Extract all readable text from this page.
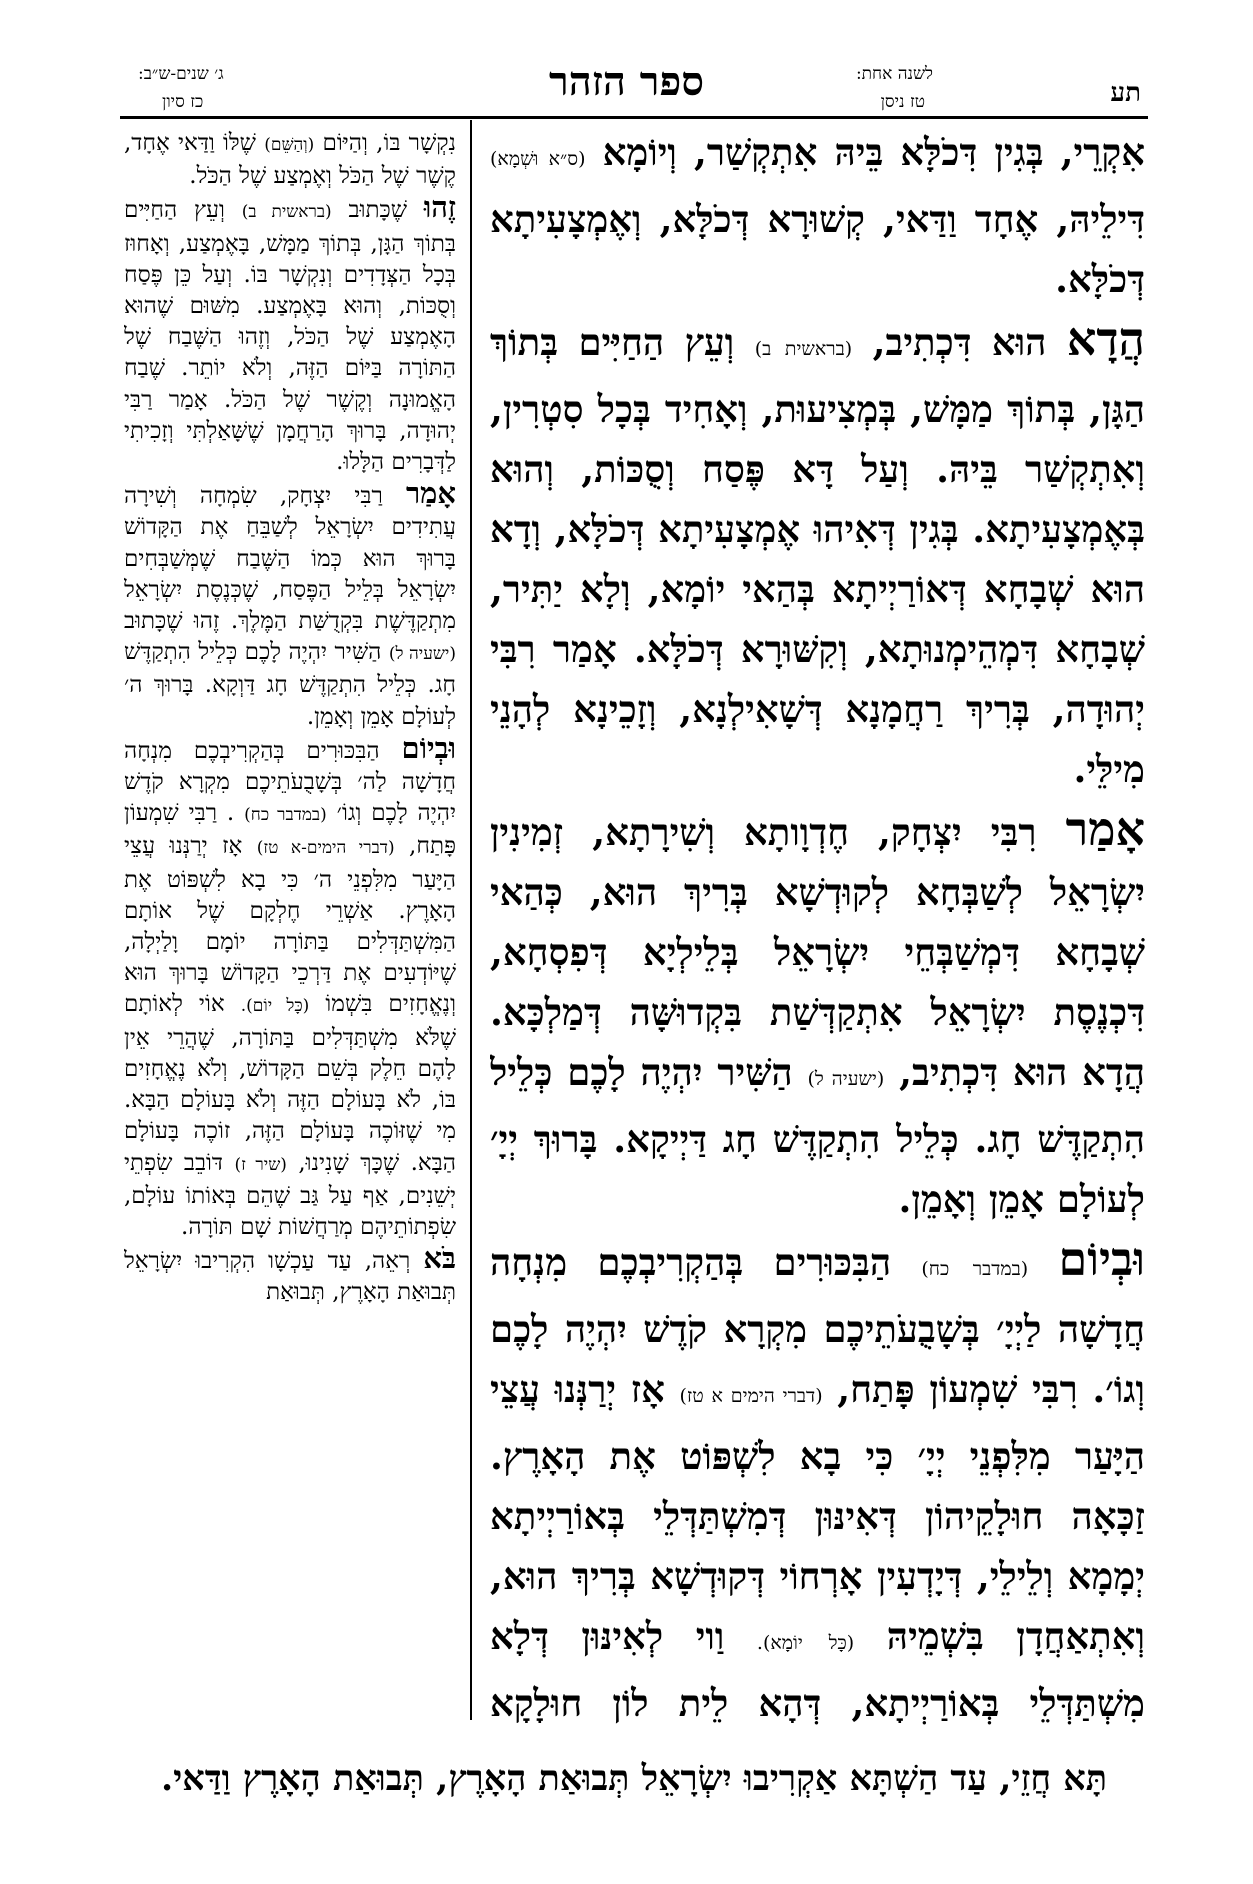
תע
לשנה אחת:
טז ניסן
ספר הזהר
ג׳ שנים-ש״ב:
כז סיון

אִקְרֵי, בְּגִין דִּכֹלָּא בֵּיהּ אִתְקְשַׁר, וְיוֹמָא (ס״א וּשְׁמָא) דִּילֵיהּ, אֶחָד וַדַּאי, קְשׁוּרָא דְּכֹלָּא, וְאֶמְצָעִיתָא דְּכֹלָּא.

הֲדָא הוּא דִּכְתִיב, (בראשית ב) וְעֵץ הַחַיִּים בְּתוֹךְ הַגָּן, בְּתוֹךְ מַמָּשׁ, בְּמְצִיעוּת, וְאָחִיד בְּכָל סִטְרִין, וְאִתְקְשַׁר בֵּיהּ. וְעַל דָּא פֶּסַח וְסֻכּוֹת, וְהוּא בְּאֶמְצָעִיתָא. בְּגִין דְּאִיהוּ אֶמְצָעִיתָא דְּכֹלָּא, וְדָא הוּא שְׁבָחָא דְּאוֹרַיְיתָא בְּהַאי יוֹמָא, וְלָא יַתִּיר, שְׁבָחָא דִּמְהֵימְנוּתָא, וְקִשּׁוּרָא דְּכֹלָּא. אָמַר רִבִּי יְהוּדָה, בְּרִיךְ רַחֲמָנָא דְּשָׁאִילְנָא, וְזָכֵינָא לְהָנֵי מִילֵּי.

אָמַר רִבִּי יִצְחָק, חֶדְוָותָא וְשִׁירָתָא, זְמִינִין יִשְׂרָאֵל לְשַׁבְּחָא לְקוּדְשָׁא בְּרִיךְ הוּא, כְּהַאי שְׁבָחָא דִּמְשַׁבְּחֵי יִשְׂרָאֵל בְּלֵילְיָא דְּפִסְחָא, דִּכְנֶסֶת יִשְׂרָאֵל אִתְקַדְּשַׁת בִּקְדוּשָּׁה דְּמַלְכָּא. הֲדָא הוּא דִּכְתִיב, (ישעיה ל) הַשִּׁיר יִהְיֶה לָכֶם כְּלֵיל הִתְקַדֶּשׁ חָג. כְּלֵיל הִתְקַדֶּשׁ חָג דַּיְיקָא. בָּרוּךְ יְיָ׳ לְעוֹלָם אָמֵן וְאָמֵן.

וּבְיוֹם (במדבר כח) הַבִּכּוּרִים בְּהַקְרִיבְכֶם מִנְחָה חֲדָשָׁה לַיְיָ׳ בְּשָׁבֻעֹתֵיכֶם מִקְרָא קֹדֶשׁ יִהְיֶה לָכֶם וְגוֹ׳. רִבִּי שִׁמְעוֹן פָּתַח, (דברי הימים א טז) אָז יְרַנְּנוּ עֲצֵי הַיָּעַר מִלִּפְנֵי יְיָ׳ כִּי בָא לִשְׁפּוֹט אֶת הָאָרֶץ. זַכָּאָה חוּלָקֵיהוֹן דְּאִינּוּן דְּמִשְׁתַּדְּלֵי בְּאוֹרַיְיתָא יְמָמָא וְלֵילֵי, דְּיָדְעִין אָרְחוֹי דְּקוּדְשָׁא בְּרִיךְ הוּא, וְאִתְאַחֲדָן בִּשְׁמֵיהּ (כָּל יוֹמָא). וַוי לְאִינּוּן דְּלָא מִשְׁתַּדְּלֵי בְּאוֹרַיְיתָא, דְּהָא לֵית לוֹן חוּלָקָא

נִקְשָׁר בּוֹ, וְהַיּוֹם (וְהַשֵּׁם) שֶׁלּוֹ וַדַּאי אֶחָד, קֶשֶׁר שֶׁל הַכֹּל וְאֶמְצַע שֶׁל הַכֹּל.

זֶהוּ שֶׁכָּתוּב (בראשית ב) וְעֵץ הַחַיִּים בְּתוֹךְ הַגָּן, בְּתוֹךְ מַמָּשׁ, בָּאֶמְצַע, וְאָחוּז בְּכָל הַצְּדָדִים וְנִקְשָׁר בּוֹ. וְעַל כֵּן פֶּסַח וְסֻכּוֹת, וְהוּא בָּאֶמְצַע. מִשּׁוּם שֶׁהוּא הָאֶמְצַע שֶׁל הַכֹּל, וְזֶהוּ הַשֶּׁבַח שֶׁל הַתּוֹרָה בַּיּוֹם הַזֶּה, וְלֹא יוֹתֵר. שֶׁבַח הָאֱמוּנָה וְקֶשֶׁר שֶׁל הַכֹּל. אָמַר רַבִּי יְהוּדָה, בָּרוּךְ הָרַחֲמָן שֶׁשָּׁאַלְתִּי וְזָכִיתִי לַדְּבָרִים הַלָּלוּ.

אָמַר רַבִּי יִצְחָק, שִׂמְחָה וְשִׁירָה עֲתִידִים יִשְׂרָאֵל לְשַׁבֵּחַ אֶת הַקָּדוֹשׁ בָּרוּךְ הוּא כְּמוֹ הַשֶּׁבַח שֶׁמְּשַׁבְּחִים יִשְׂרָאֵל בְּלֵיל הַפֶּסַח, שֶׁכְּנֶסֶת יִשְׂרָאֵל מִתְקַדֶּשֶׁת בִּקְדֻשַּׁת הַמֶּלֶךְ. זֶהוּ שֶׁכָּתוּב (ישעיה ל) הַשִּׁיר יִהְיֶה לָכֶם כְּלֵיל הִתְקַדֶּשׁ חָג. כְּלֵיל הִתְקַדֶּשׁ חָג דַּוְקָא. בָּרוּךְ ה׳ לְעוֹלָם אָמֵן וְאָמֵן.

וּבְיוֹם הַבִּכּוּרִים בְּהַקְרִיבְכֶם מִנְחָה חֲדָשָׁה לַה׳ בְּשָׁבֻעֹתֵיכֶם מִקְרָא קֹדֶשׁ יִהְיֶה לָכֶם וְגוֹ׳ (במדבר כח) . רַבִּי שִׁמְעוֹן פָּתַח, (דברי הימים-א טז) אָז יְרַנְּנוּ עֲצֵי הַיָּעַר מִלִּפְנֵי ה׳ כִּי בָא לִשְׁפּוֹט אֶת הָאָרֶץ. אַשְׁרֵי חֶלְקָם שֶׁל אוֹתָם הַמִּשְׁתַּדְּלִים בַּתּוֹרָה יוֹמָם וָלַיְלָה, שֶׁיּוֹדְעִים אֶת דַּרְכֵי הַקָּדוֹשׁ בָּרוּךְ הוּא וְנֶאֱחָזִים בִּשְׁמוֹ (כָּל יוֹם). אוֹי לְאוֹתָם שֶׁלֹּא מִשְׁתַּדְּלִים בַּתּוֹרָה, שֶׁהֲרֵי אֵין לָהֶם חֵלֶק בְּשֵׁם הַקָּדוֹשׁ, וְלֹא נֶאֱחָזִים בּוֹ, לֹא בָּעוֹלָם הַזֶּה וְלֹא בָּעוֹלָם הַבָּא. מִי שֶׁזּוֹכֶה בָּעוֹלָם הַזֶּה, זוֹכֶה בָּעוֹלָם הַבָּא. שֶׁכָּךְ שָׁנִינוּ, (שיר ז) דּוֹבֵב שִׂפְתֵי יְשֵׁנִים, אַף עַל גַּב שֶׁהֵם בְּאוֹתוֹ עוֹלָם, שִׂפְתוֹתֵיהֶם מְרַחֲשׁוֹת שָׁם תּוֹרָה.

בֹּא רְאֵה, עַד עַכְשָׁו הִקְרִיבוּ יִשְׂרָאֵל תְּבוּאַת הָאָרֶץ, תְּבוּאַת

תָּא חֲזֵי, עַד הַשְׁתָּא אַקְרִיבוּ יִשְׂרָאֵל תְּבוּאַת הָאָרֶץ, תְּבוּאַת הָאָרֶץ וַדַּאי.
